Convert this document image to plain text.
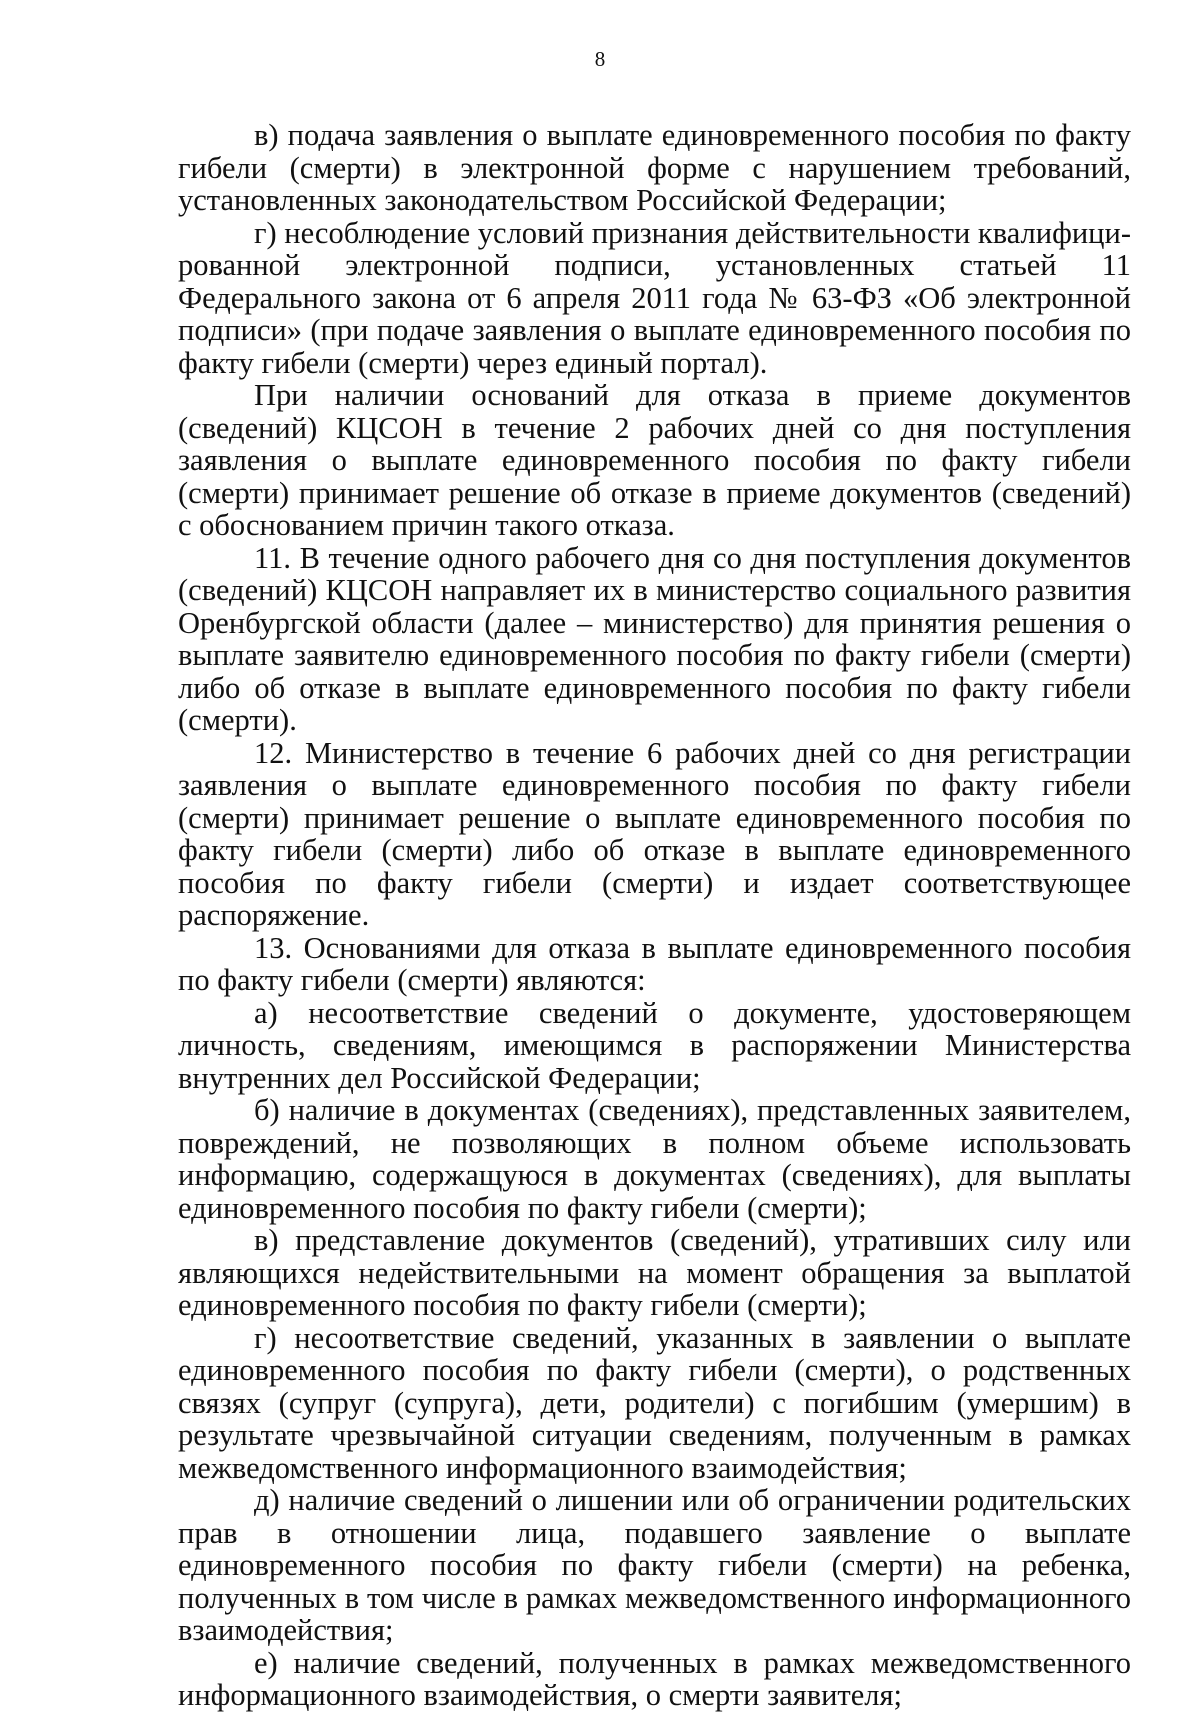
8

в) подача заявления о выплате единовременного пособия по факту гибели (смерти) в электронной форме с нарушением требований, установленных законодательством Российской Федерации;

г) несоблюдение условий признания действительности квалифицированной электронной подписи, установленных статьей 11 Федерального закона от 6 апреля 2011 года № 63-ФЗ «Об электронной подписи» (при подаче заявления о выплате единовременного пособия по факту гибели (смерти) через единый портал).

При наличии оснований для отказа в приеме документов (сведений) КЦСОН в течение 2 рабочих дней со дня поступления заявления о выплате единовременного пособия по факту гибели (смерти) принимает решение об отказе в приеме документов (сведений) с обоснованием причин такого отказа.

11. В течение одного рабочего дня со дня поступления документов (сведений) КЦСОН направляет их в министерство социального развития Оренбургской области (далее – министерство) для принятия решения о выплате заявителю единовременного пособия по факту гибели (смерти) либо об отказе в выплате единовременного пособия по факту гибели (смерти).

12. Министерство в течение 6 рабочих дней со дня регистрации заявления о выплате единовременного пособия по факту гибели (смерти) принимает решение о выплате единовременного пособия по факту гибели (смерти) либо об отказе в выплате единовременного пособия по факту гибели (смерти) и издает соответствующее распоряжение.

13. Основаниями для отказа в выплате единовременного пособия по факту гибели (смерти) являются:

а) несоответствие сведений о документе, удостоверяющем личность, сведениям, имеющимся в распоряжении Министерства внутренних дел Российской Федерации;

б) наличие в документах (сведениях), представленных заявителем, повреждений, не позволяющих в полном объеме использовать информацию, содержащуюся в документах (сведениях), для выплаты единовременного пособия по факту гибели (смерти);

в) представление документов (сведений), утративших силу или являющихся недействительными на момент обращения за выплатой единовременного пособия по факту гибели (смерти);

г) несоответствие сведений, указанных в заявлении о выплате единовременного пособия по факту гибели (смерти), о родственных связях (супруг (супруга), дети, родители) с погибшим (умершим) в результате чрезвычайной ситуации сведениям, полученным в рамках межведомственного информационного взаимодействия;

д) наличие сведений о лишении или об ограничении родительских прав в отношении лица, подавшего заявление о выплате единовременного пособия по факту гибели (смерти) на ребенка, полученных в том числе в рамках межведомственного информационного взаимодействия;

е) наличие сведений, полученных в рамках межведомственного информационного взаимодействия, о смерти заявителя;
